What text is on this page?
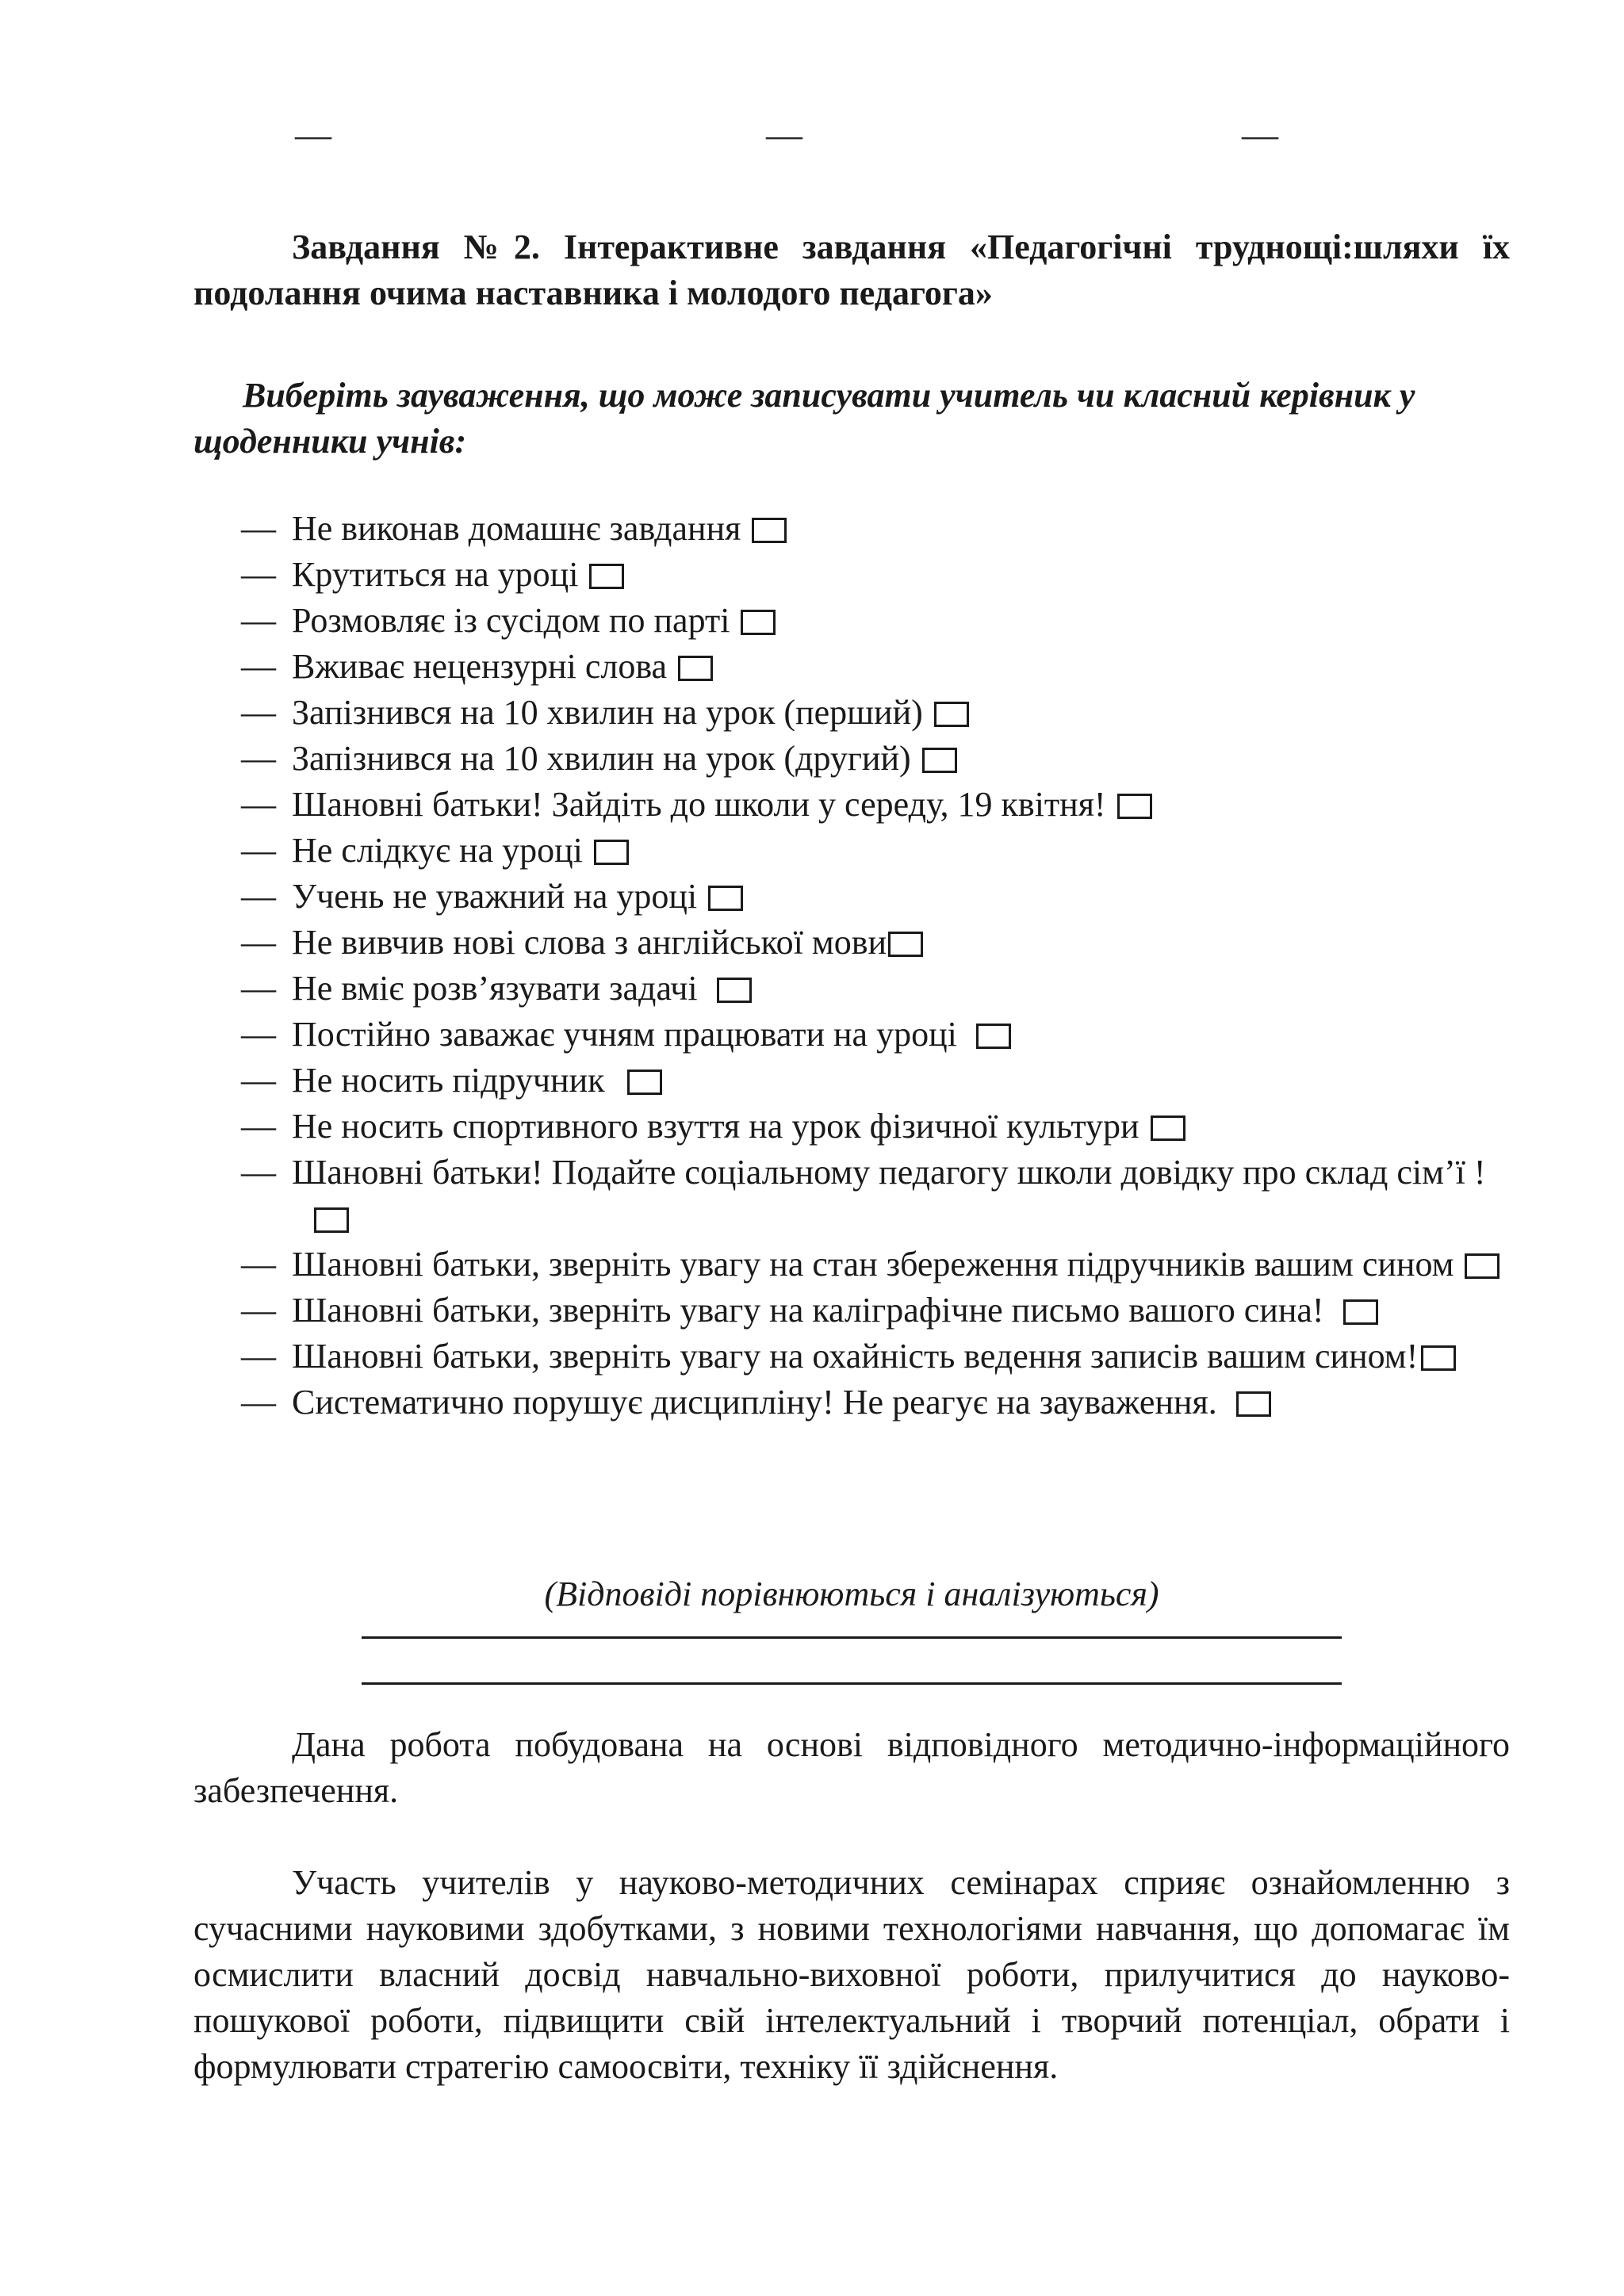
—	—	—

Завдання №2. Інтерактивне завдання «Педагогічні труднощі:шляхи їх подолання очима наставника і молодого педагога»

Виберіть зауваження, що може записувати учитель чи класний керівник у щоденники учнів:

— Не виконав домашнє завдання
— Крутиться на уроці
— Розмовляє із сусідом по парті
— Вживає нецензурні слова
— Запізнився на 10 хвилин на урок (перший)
— Запізнився на 10 хвилин на урок (другий)
— Шановні батьки! Зайдіть до школи у середу, 19 квітня!
— Не слідкує на уроці
— Учень не уважний на уроці
— Не вивчив нові слова з англійської мови
— Не вміє розв’язувати задачі
— Постійно заважає учням працювати на уроці
— Не носить підручник
— Не носить спортивного взуття на урок фізичної культури
— Шановні батьки! Подайте соціальному педагогу школи довідку про склад сім’ї !
— Шановні батьки, зверніть увагу на стан збереження підручників вашим сином
— Шановні батьки, зверніть увагу на каліграфічне письмо вашого сина!
— Шановні батьки, зверніть увагу на охайність ведення записів вашим сином!
— Систематично порушує дисципліну! Не реагує на зауваження.

(Відповіді порівнюються і аналізуються)

Дана робота побудована на основі відповідного методично-інформаційного забезпечення.

Участь учителів у науково-методичних семінарах сприяє ознайомленню з сучасними науковими здобутками, з новими технологіями навчання, що допомагає їм осмислити власний досвід навчально-виховної роботи, прилучитися до науково-пошукової роботи, підвищити свій інтелектуальний і творчий потенціал, обрати і формулювати стратегію самоосвіти, техніку її здійснення.
